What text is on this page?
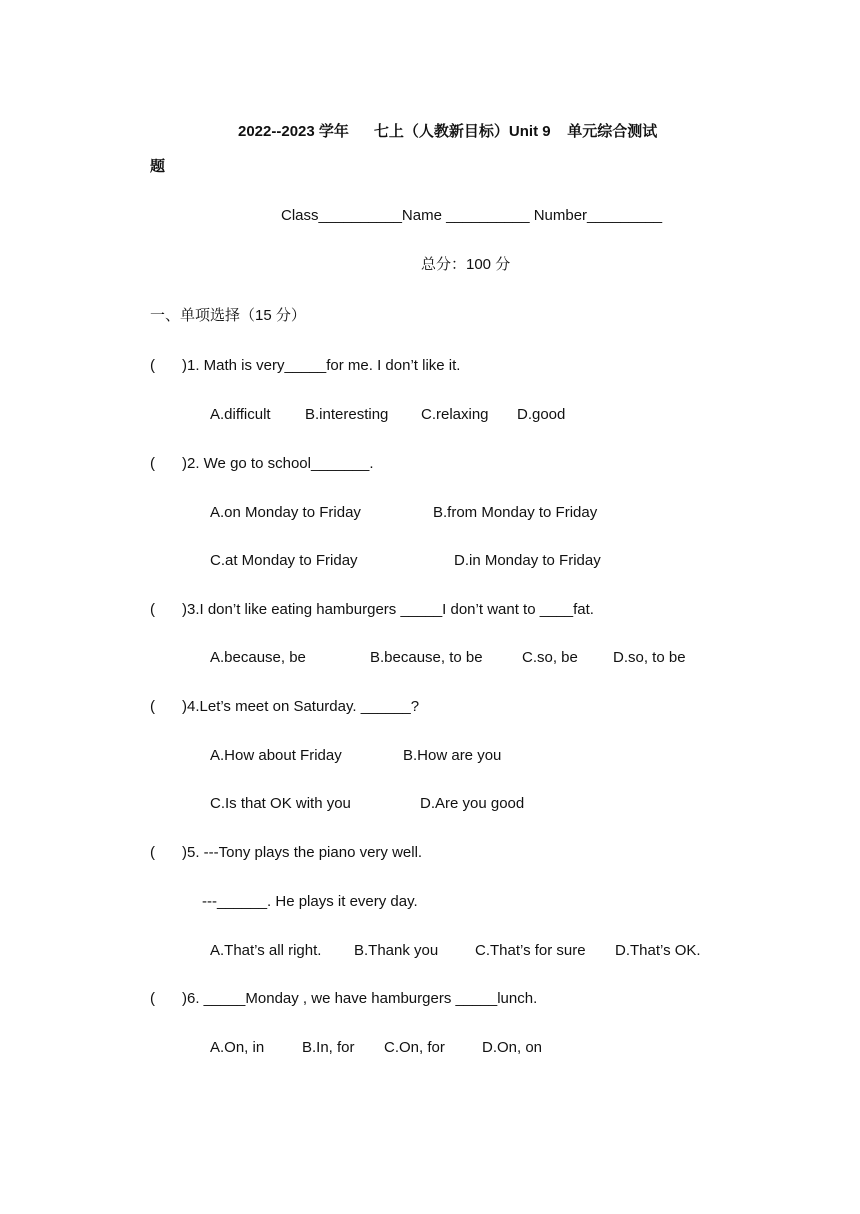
2022--2023 学年      七上（人教新目标）Unit 9    单元综合测试
题
Class__________Name __________ Number_________
总分：100 分
一、单项选择（15 分）
( )1. Math is very_____for me. I don’t like it.
A.difficult B.interesting C.relaxing D.good
( )2. We go to school_______.
A.on Monday to Friday	B.from Monday to Friday
C.at Monday to Friday	D.in Monday to Friday
( )3.I don’t like eating hamburgers _____I don’t want to ____fat.
A.because, be	B.because, to be	C.so, be D.so, to be
( )4.Let’s meet on Saturday. ______?
A.How about Friday	B.How are you
C.Is that OK with you	D.Are you good
( )5. ---Tony plays the piano very well.
---______. He plays it every day.
A.That’s all right. B.Thank you C.That’s for sure D.That’s OK.
( )6. _____Monday , we have hamburgers _____lunch.
A.On, in	B.In, for C.On, for D.On, on
